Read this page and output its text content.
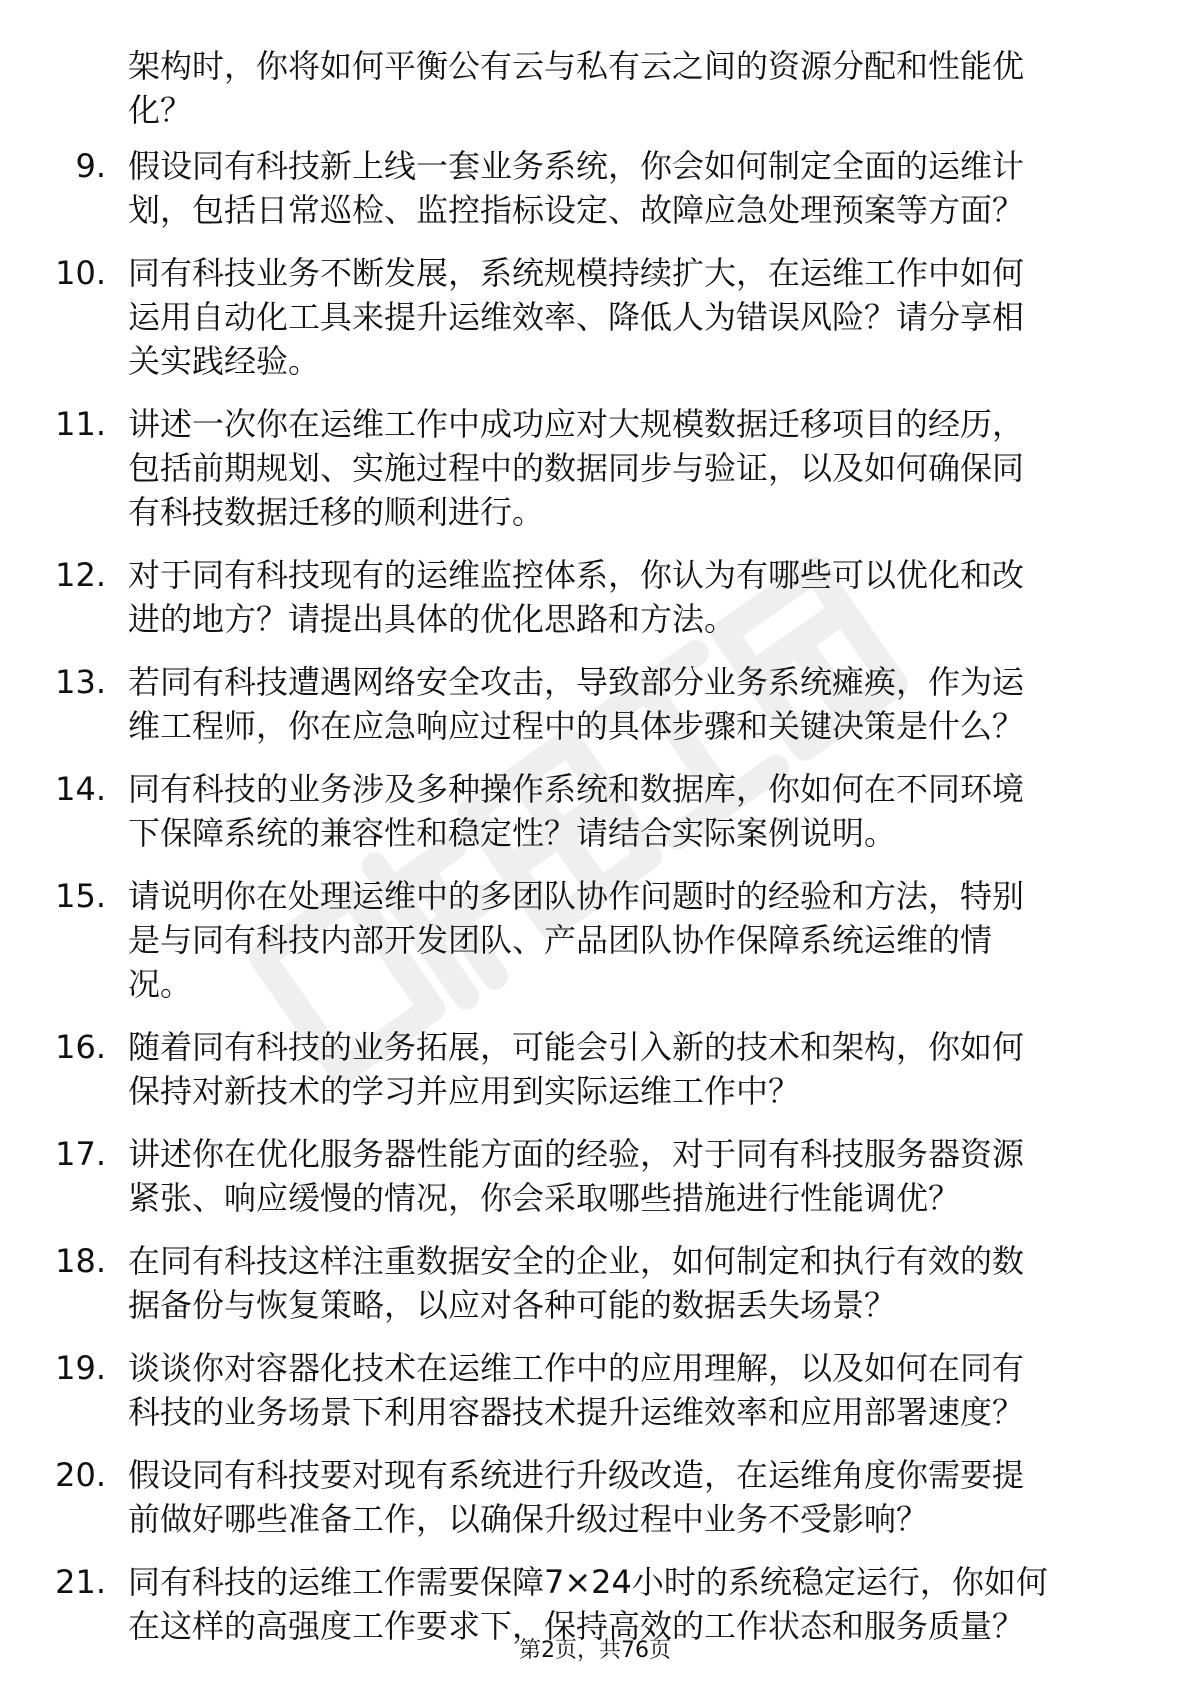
架构时，你将如何平衡公有云与私有云之间的资源分配和性能优
化？
9. 假设同有科技新上线一套业务系统，你会如何制定全面的运维计
划，包括日常巡检、监控指标设定、故障应急处理预案等方面？
10. 同有科技业务不断发展，系统规模持续扩大，在运维工作中如何
运用自动化工具来提升运维效率、降低人为错误风险？请分享相
关实践经验。
11. 讲述一次你在运维工作中成功应对大规模数据迁移项目的经历，
包括前期规划、实施过程中的数据同步与验证，以及如何确保同
有科技数据迁移的顺利进行。
12. 对于同有科技现有的运维监控体系，你认为有哪些可以优化和改
进的地方？请提出具体的优化思路和方法。
13. 若同有科技遭遇网络安全攻击，导致部分业务系统瘫痪，作为运
维工程师，你在应急响应过程中的具体步骤和关键决策是什么？
14. 同有科技的业务涉及多种操作系统和数据库，你如何在不同环境
下保障系统的兼容性和稳定性？请结合实际案例说明。
15. 请说明你在处理运维中的多团队协作问题时的经验和方法，特别
是与同有科技内部开发团队、产品团队协作保障系统运维的情
况。
16. 随着同有科技的业务拓展，可能会引入新的技术和架构，你如何
保持对新技术的学习并应用到实际运维工作中？
17. 讲述你在优化服务器性能方面的经验，对于同有科技服务器资源
紧张、响应缓慢的情况，你会采取哪些措施进行性能调优？
18. 在同有科技这样注重数据安全的企业，如何制定和执行有效的数
据备份与恢复策略，以应对各种可能的数据丢失场景？
19. 谈谈你对容器化技术在运维工作中的应用理解，以及如何在同有
科技的业务场景下利用容器技术提升运维效率和应用部署速度？
20. 假设同有科技要对现有系统进行升级改造，在运维角度你需要提
前做好哪些准备工作，以确保升级过程中业务不受影响？
21. 同有科技的运维工作需要保障7×24小时的系统稳定运行，你如何
在这样的高强度工作要求下，保持高效的工作状态和服务质量？
第2页，共76页
